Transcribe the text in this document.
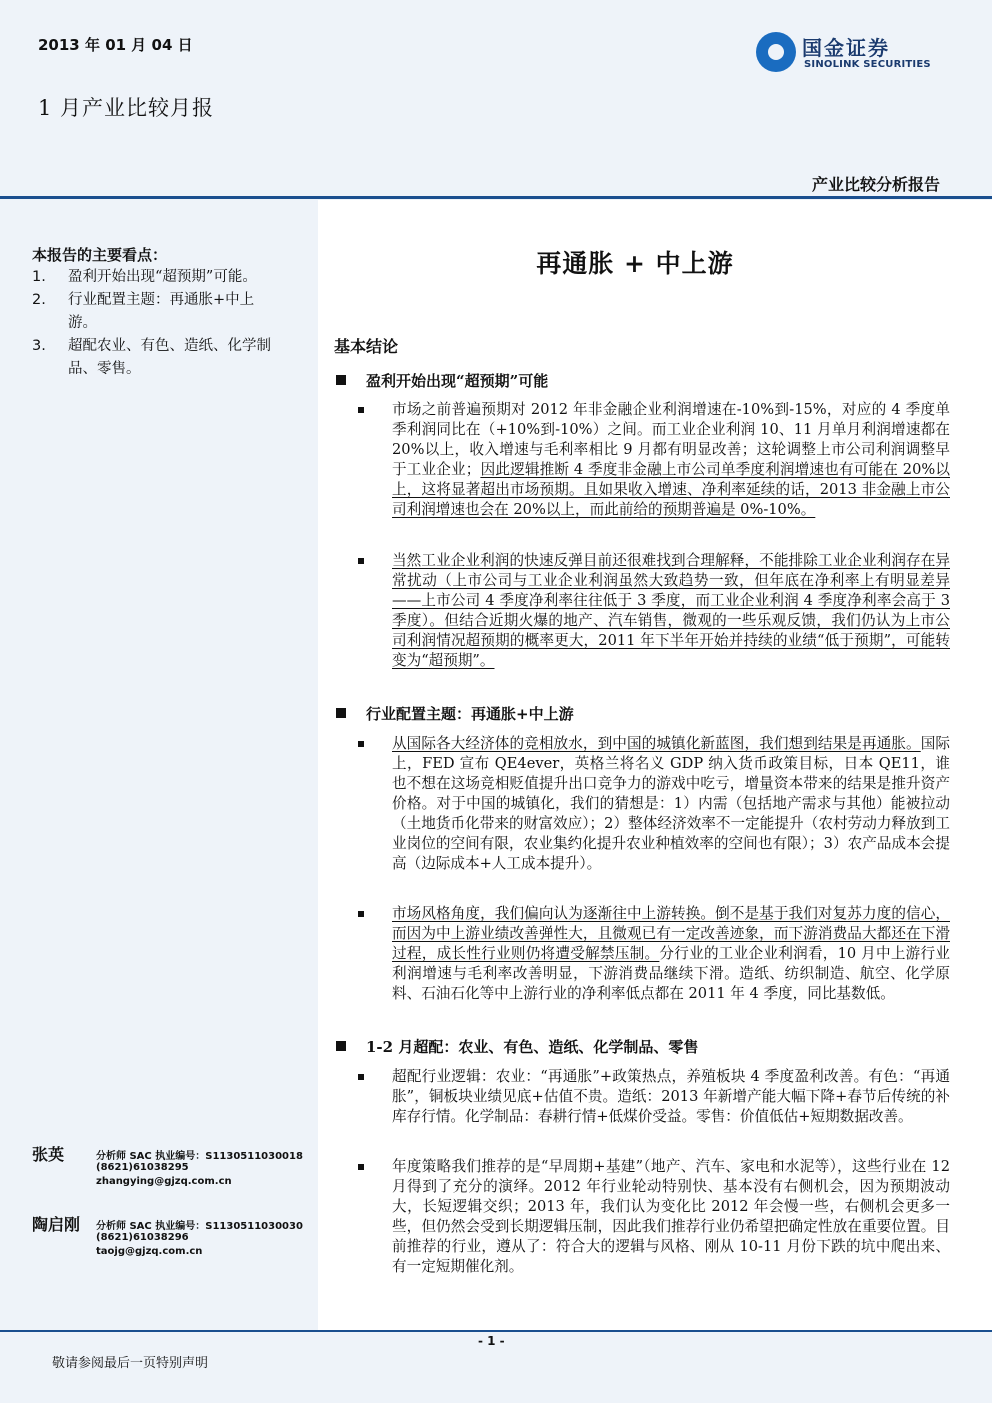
2013 年 01 月 04 日
1 月产业比较月报
国金证券
SINOLINK SECURITIES
产业比较分析报告
本报告的主要看点：
1. 盈利开始出现“超预期”可能。
2. 行业配置主题：再通胀+中上游。
3. 超配农业、有色、造纸、化学制品、零售。
张英	分析师 SAC 执业编号：S1130511030018
(8621)61038295
zhangying@gjzq.com.cn
陶启刚 分析师 SAC 执业编号：S1130511030030
(8621)61038296
taojg@gjzq.com.cn
再通胀 + 中上游
基本结论
盈利开始出现“超预期”可能
市场之前普遍预期对 2012 年非金融企业利润增速在-10%到-15%，对应的 4 季度单季利润同比在（+10%到-10%）之间。而工业企业利润 10、11 月单月利润增速都在 20%以上，收入增速与毛利率相比 9 月都有明显改善；这轮调整上市公司利润调整早于工业企业；因此逻辑推断 4 季度非金融上市公司单季度利润增速也有可能在 20%以上，这将显著超出市场预期。且如果收入增速、净利率延续的话，2013 非金融上市公司利润增速也会在 20%以上，而此前给的预期普遍是 0%-10%。
当然工业企业利润的快速反弹目前还很难找到合理解释，不能排除工业企业利润存在异常扰动（上市公司与工业企业利润虽然大致趋势一致，但年底在净利率上有明显差异——上市公司 4 季度净利率往往低于 3 季度，而工业企业利润 4 季度净利率会高于 3 季度）。但结合近期火爆的地产、汽车销售，微观的一些乐观反馈，我们仍认为上市公司利润情况超预期的概率更大，2011 年下半年开始并持续的业绩“低于预期”，可能转变为“超预期”。
行业配置主题：再通胀+中上游
从国际各大经济体的竞相放水，到中国的城镇化新蓝图，我们想到结果是再通胀。国际上，FED 宣布 QE4ever，英格兰将名义 GDP 纳入货币政策目标，日本 QE11，谁也不想在这场竞相贬值提升出口竞争力的游戏中吃亏，增量资本带来的结果是推升资产价格。对于中国的城镇化，我们的猜想是：1）内需（包括地产需求与其他）能被拉动（土地货币化带来的财富效应）；2）整体经济效率不一定能提升（农村劳动力释放到工业岗位的空间有限，农业集约化提升农业种植效率的空间也有限）；3）农产品成本会提高（边际成本+人工成本提升）。
市场风格角度，我们偏向认为逐渐往中上游转换。倒不是基于我们对复苏力度的信心，而因为中上游业绩改善弹性大，且微观已有一定改善迹象，而下游消费品大都还在下滑过程，成长性行业则仍将遭受解禁压制。分行业的工业企业利润看，10 月中上游行业利润增速与毛利率改善明显，下游消费品继续下滑。造纸、纺织制造、航空、化学原料、石油石化等中上游行业的净利率低点都在 2011 年 4 季度，同比基数低。
1-2 月超配：农业、有色、造纸、化学制品、零售
超配行业逻辑：农业：“再通胀”+政策热点，养殖板块 4 季度盈利改善。有色：“再通胀”，铜板块业绩见底+估值不贵。造纸：2013 年新增产能大幅下降+春节后传统的补库存行情。化学制品：春耕行情+低煤价受益。零售：价值低估+短期数据改善。
年度策略我们推荐的是“早周期+基建”（地产、汽车、家电和水泥等），这些行业在 12 月得到了充分的演绎。2012 年行业轮动特别快、基本没有右侧机会，因为预期波动大，长短逻辑交织；2013 年，我们认为变化比 2012 年会慢一些，右侧机会更多一些，但仍然会受到长期逻辑压制，因此我们推荐行业仍希望把确定性放在重要位置。目前推荐的行业，遵从了：符合大的逻辑与风格、刚从 10-11 月份下跌的坑中爬出来、有一定短期催化剂。
- 1 -
敬请参阅最后一页特别声明
